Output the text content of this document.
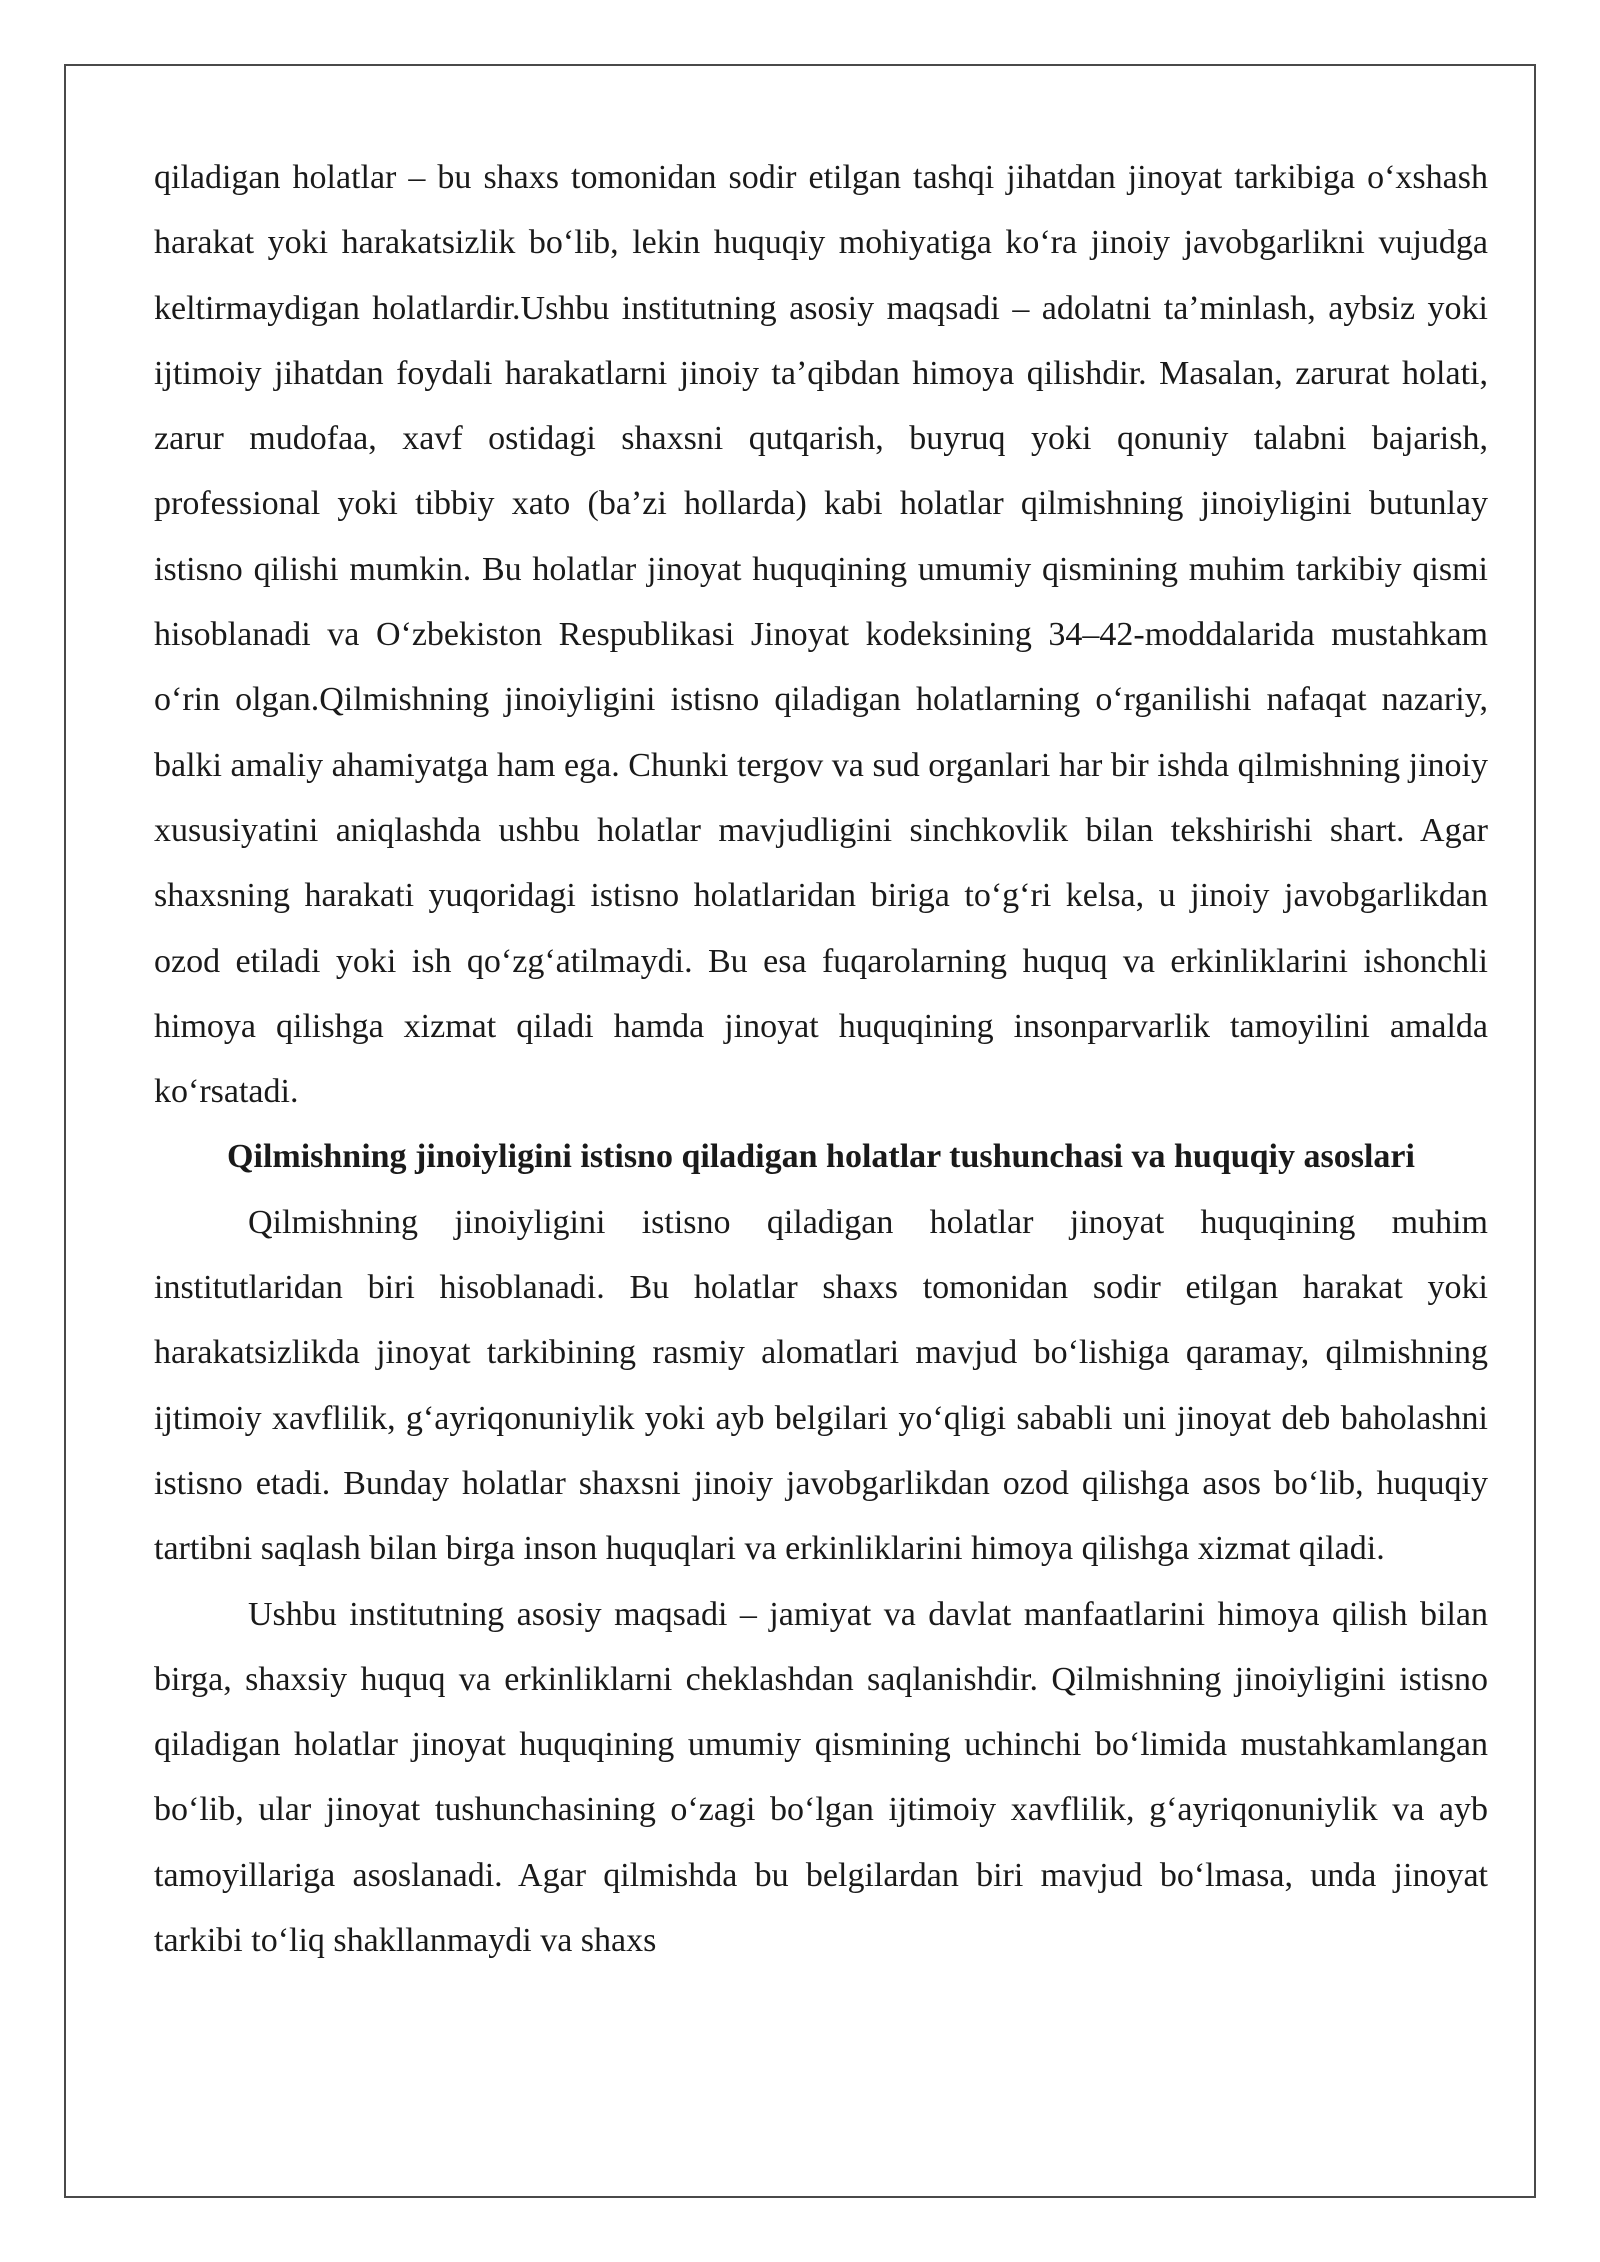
qiladigan holatlar – bu shaxs tomonidan sodir etilgan tashqi jihatdan jinoyat tarkibiga oʻxshash harakat yoki harakatsizlik boʻlib, lekin huquqiy mohiyatiga koʻra jinoiy javobgarlikni vujudga keltirmaydigan holatlardir.Ushbu institutning asosiy maqsadi – adolatni taʼminlash, aybsiz yoki ijtimoiy jihatdan foydali harakatlarni jinoiy taʼqibdan himoya qilishdir. Masalan, zarurat holati, zarur mudofaa, xavf ostidagi shaxsni qutqarish, buyruq yoki qonuniy talabni bajarish, professional yoki tibbiy xato (baʼzi hollarda) kabi holatlar qilmishning jinoiyligini butunlay istisno qilishi mumkin. Bu holatlar jinoyat huquqining umumiy qismining muhim tarkibiy qismi hisoblanadi va Oʻzbekiston Respublikasi Jinoyat kodeksining 34–42-moddalarida mustahkam oʻrin olgan.Qilmishning jinoiyligini istisno qiladigan holatlarning oʻrganilishi nafaqat nazariy, balki amaliy ahamiyatga ham ega. Chunki tergov va sud organlari har bir ishda qilmishning jinoiy xususiyatini aniqlashda ushbu holatlar mavjudligini sinchkovlik bilan tekshirishi shart. Agar shaxsning harakati yuqoridagi istisno holatlaridan biriga toʻgʻri kelsa, u jinoiy javobgarlikdan ozod etiladi yoki ish qoʻzgʻatilmaydi. Bu esa fuqarolarning huquq va erkinliklarini ishonchli himoya qilishga xizmat qiladi hamda jinoyat huquqining insonparvarlik tamoyilini amalda koʻrsatadi.

Qilmishning jinoiyligini istisno qiladigan holatlar tushunchasi va huquqiy asoslari

Qilmishning jinoiyligini istisno qiladigan holatlar jinoyat huquqining muhim institutlaridan biri hisoblanadi. Bu holatlar shaxs tomonidan sodir etilgan harakat yoki harakatsizlikda jinoyat tarkibining rasmiy alomatlari mavjud boʻlishiga qaramay, qilmishning ijtimoiy xavflilik, gʻayriqonuniylik yoki ayb belgilari yoʻqligi sababli uni jinoyat deb baholashni istisno etadi. Bunday holatlar shaxsni jinoiy javobgarlikdan ozod qilishga asos boʻlib, huquqiy tartibni saqlash bilan birga inson huquqlari va erkinliklarini himoya qilishga xizmat qiladi.

Ushbu institutning asosiy maqsadi – jamiyat va davlat manfaatlarini himoya qilish bilan birga, shaxsiy huquq va erkinliklarni cheklashdan saqlanishdir. Qilmishning jinoiyligini istisno qiladigan holatlar jinoyat huquqining umumiy qismining uchinchi boʻlimida mustahkamlangan boʻlib, ular jinoyat tushunchasining oʻzagi boʻlgan ijtimoiy xavflilik, gʻayriqonuniylik va ayb tamoyillariga asoslanadi. Agar qilmishda bu belgilardan biri mavjud boʻlmasa, unda jinoyat tarkibi toʻliq shakllanmaydi va shaxs
